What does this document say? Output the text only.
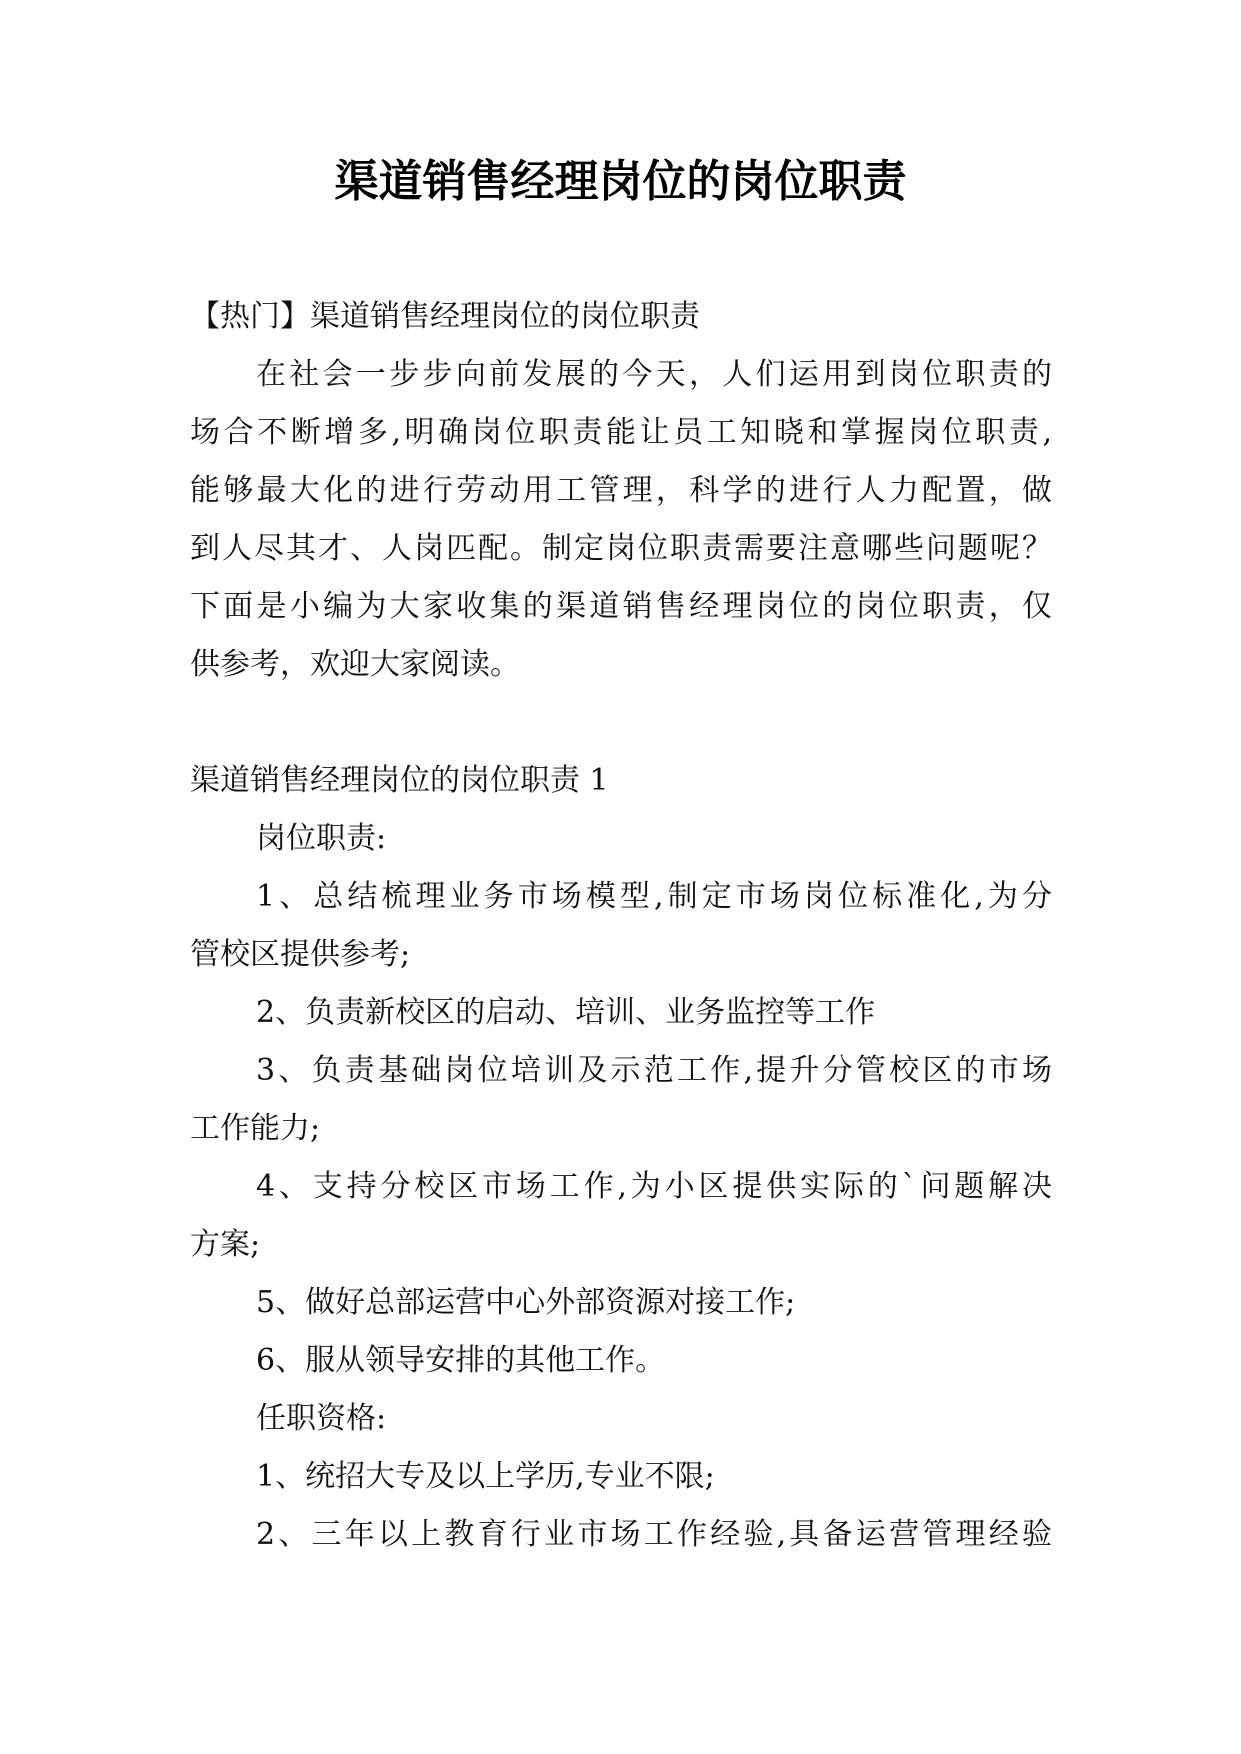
渠道销售经理岗位的岗位职责
【热门】渠道销售经理岗位的岗位职责
在社会一步步向前发展的今天，人们运用到岗位职责的
场合不断增多,明确岗位职责能让员工知晓和掌握岗位职责,
能够最大化的进行劳动用工管理，科学的进行人力配置，做
到人尽其才、人岗匹配。制定岗位职责需要注意哪些问题呢？
下面是小编为大家收集的渠道销售经理岗位的岗位职责，仅
供参考，欢迎大家阅读。
渠道销售经理岗位的岗位职责 1
岗位职责:
1、总结梳理业务市场模型,制定市场岗位标准化,为分
管校区提供参考;
2、负责新校区的启动、培训、业务监控等工作
3、负责基础岗位培训及示范工作,提升分管校区的市场
工作能力;
4、支持分校区市场工作,为小区提供实际的`问题解决
方案;
5、做好总部运营中心外部资源对接工作;
6、服从领导安排的其他工作。
任职资格:
1、统招大专及以上学历,专业不限;
2、三年以上教育行业市场工作经验,具备运营管理经验
